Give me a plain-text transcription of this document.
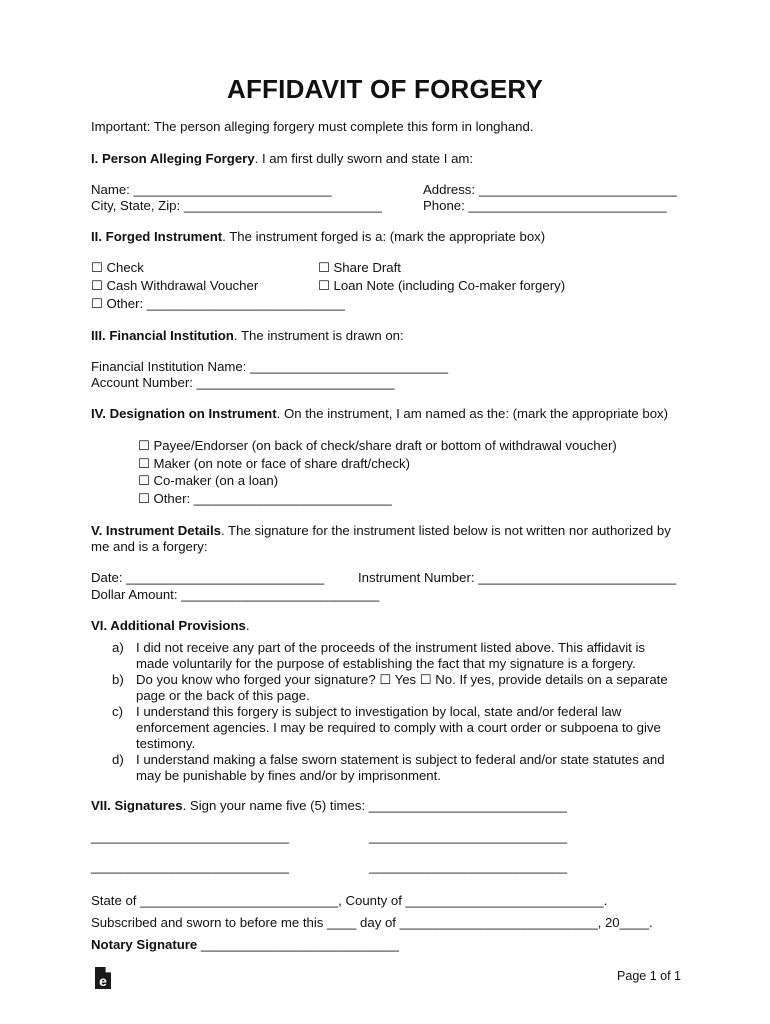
AFFIDAVIT OF FORGERY
Important: The person alleging forgery must complete this form in longhand.
I. Person Alleging Forgery. I am first dully sworn and state I am:
Name: ___________________________	Address: ___________________________
City, State, Zip: ___________________________	Phone: ___________________________
II. Forged Instrument. The instrument forged is a: (mark the appropriate box)
☐ Check	☐ Share Draft
☐ Cash Withdrawal Voucher	☐ Loan Note (including Co-maker forgery)
☐ Other: ___________________________
III. Financial Institution. The instrument is drawn on:
Financial Institution Name: ___________________________
Account Number: ___________________________
IV. Designation on Instrument. On the instrument, I am named as the: (mark the appropriate box)
☐ Payee/Endorser (on back of check/share draft or bottom of withdrawal voucher)
☐ Maker (on note or face of share draft/check)
☐ Co-maker (on a loan)
☐ Other: ___________________________
V. Instrument Details. The signature for the instrument listed below is not written nor authorized by
me and is a forgery:
Date: ___________________________	Instrument Number: ___________________________
Dollar Amount: ___________________________
VI. Additional Provisions.
a) I did not receive any part of the proceeds of the instrument listed above. This affidavit is
made voluntarily for the purpose of establishing the fact that my signature is a forgery.
b) Do you know who forged your signature? ☐ Yes ☐ No. If yes, provide details on a separate
page or the back of this page.
c) I understand this forgery is subject to investigation by local, state and/or federal law
enforcement agencies. I may be required to comply with a court order or subpoena to give
testimony.
d) I understand making a false sworn statement is subject to federal and/or state statutes and
may be punishable by fines and/or by imprisonment.
VII. Signatures. Sign your name five (5) times: ___________________________
___________________________	___________________________
___________________________	___________________________
State of ___________________________, County of ___________________________.
Subscribed and sworn to before me this ____ day of ___________________________, 20____.
Notary Signature ___________________________
e	Page 1 of 1
